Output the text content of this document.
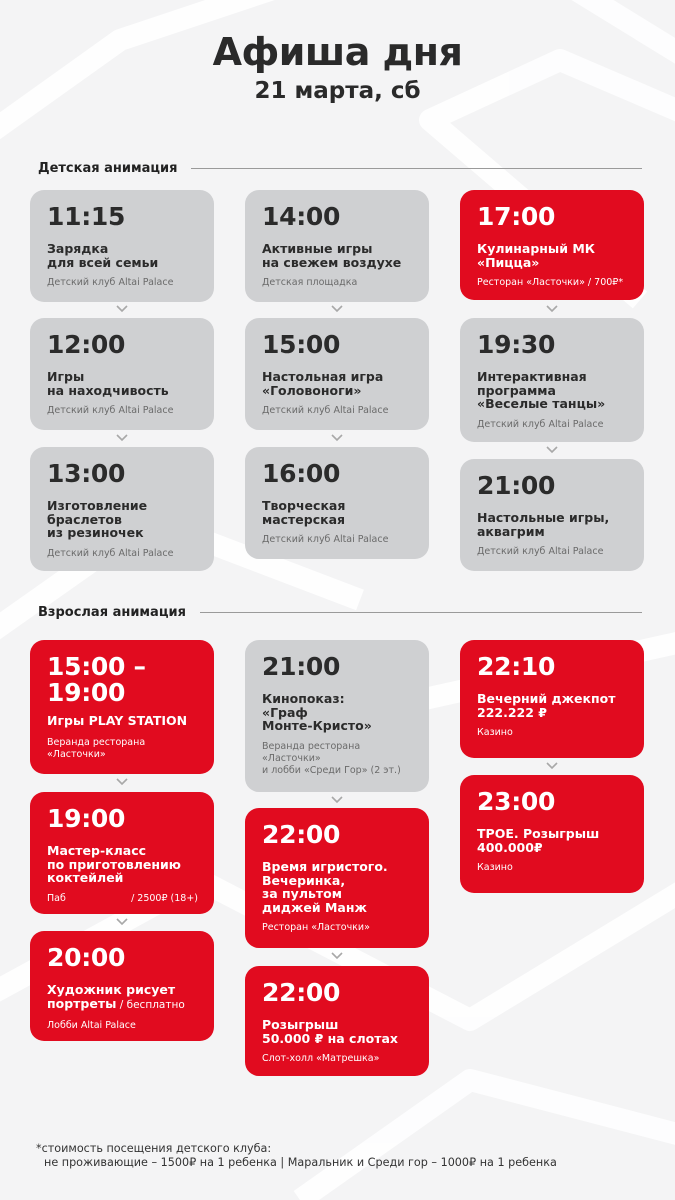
Афиша дня
21 марта, сб
Детская анимация
11:15
Зарядка
для всей семьи
Детский клуб Altai Palace
12:00
Игры
на находчивость
Детский клуб Altai Palace
13:00
Изготовление
браслетов
из резиночек
Детский клуб Altai Palace
14:00
Активные игры
на свежем воздухе
Детская площадка
15:00
Настольная игра
«Головоноги»
Детский клуб Altai Palace
16:00
Творческая
мастерская
Детский клуб Altai Palace
17:00
Кулинарный МК
«Пицца»
Ресторан «Ласточки» / 700₽*
19:30
Интерактивная
программа
«Веселые танцы»
Детский клуб Altai Palace
21:00
Настольные игры,
аквагрим
Детский клуб Altai Palace
Взрослая анимация
15:00 –
19:00
Игры PLAY STATION
Веранда ресторана
«Ласточки»
19:00
Мастер-класс
по приготовлению
коктейлей
Паб	/ 2500₽ (18+)
20:00
Художник рисует
портреты / бесплатно
Лобби Altai Palace
21:00
Кинопоказ:
«Граф
Монте-Кристо»
Веранда ресторана
«Ласточки»
и лобби «Среди Гор» (2 эт.)
22:00
Время игристого.
Вечеринка,
за пультом
диджей Манж
Ресторан «Ласточки»
22:00
Розыгрыш
50.000 ₽ на слотах
Слот-холл «Матрешка»
22:10
Вечерний джекпот
222.222 ₽
Казино
23:00
ТРОЕ. Розыгрыш
400.000₽
Казино
*стоимость посещения детского клуба:
не проживающие – 1500₽ на 1 ребенка | Маральник и Среди гор – 1000₽ на 1 ребенка
